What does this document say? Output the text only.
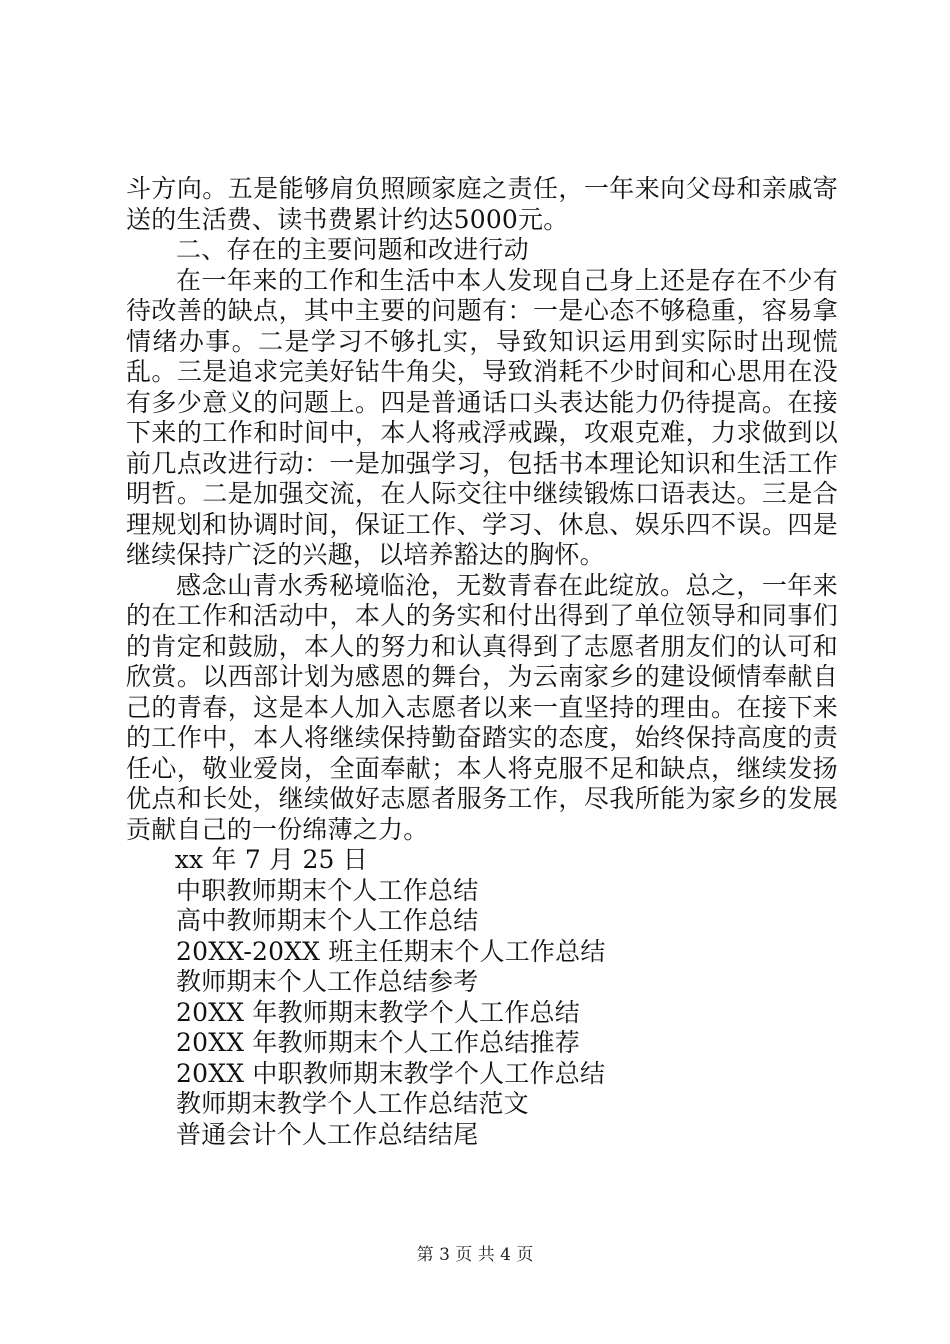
斗方向。五是能够肩负照顾家庭之责任，一年来向父母和亲戚寄送的生活费、读书费累计约达5000元。

二、存在的主要问题和改进行动

在一年来的工作和生活中本人发现自己身上还是存在不少有待改善的缺点，其中主要的问题有：一是心态不够稳重，容易拿情绪办事。二是学习不够扎实，导致知识运用到实际时出现慌乱。三是追求完美好钻牛角尖，导致消耗不少时间和心思用在没有多少意义的问题上。四是普通话口头表达能力仍待提高。在接下来的工作和时间中，本人将戒浮戒躁，攻艰克难，力求做到以前几点改进行动：一是加强学习，包括书本理论知识和生活工作明哲。二是加强交流，在人际交往中继续锻炼口语表达。三是合理规划和协调时间，保证工作、学习、休息、娱乐四不误。四是继续保持广泛的兴趣，以培养豁达的胸怀。

感念山青水秀秘境临沧，无数青春在此绽放。总之，一年来的在工作和活动中，本人的务实和付出得到了单位领导和同事们的肯定和鼓励，本人的努力和认真得到了志愿者朋友们的认可和欣赏。以西部计划为感恩的舞台，为云南家乡的建设倾情奉献自己的青春，这是本人加入志愿者以来一直坚持的理由。在接下来的工作中，本人将继续保持勤奋踏实的态度，始终保持高度的责任心，敬业爱岗，全面奉献；本人将克服不足和缺点，继续发扬优点和长处，继续做好志愿者服务工作，尽我所能为家乡的发展贡献自己的一份绵薄之力。

xx 年 7 月 25 日

中职教师期末个人工作总结
高中教师期末个人工作总结
20XX-20XX 班主任期末个人工作总结
教师期末个人工作总结参考
20XX 年教师期末教学个人工作总结
20XX 年教师期末个人工作总结推荐
20XX 中职教师期末教学个人工作总结
教师期末教学个人工作总结范文
普通会计个人工作总结结尾
第 3 页 共 4 页
